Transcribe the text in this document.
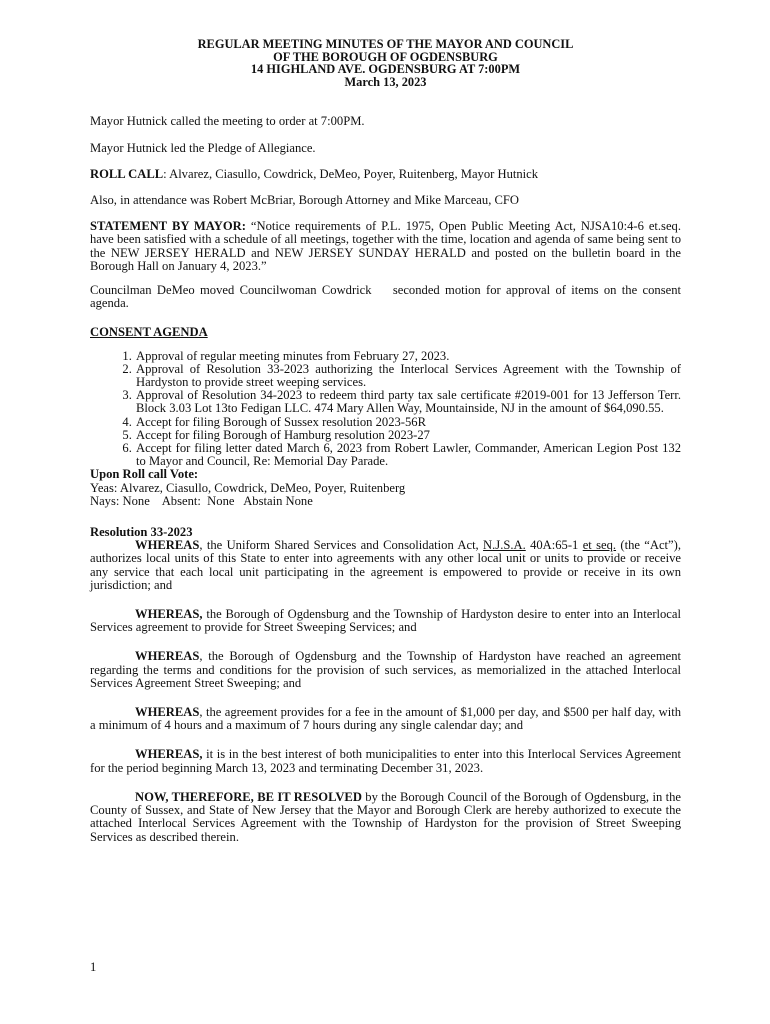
REGULAR MEETING MINUTES OF THE MAYOR AND COUNCIL
OF THE BOROUGH OF OGDENSBURG
14 HIGHLAND AVE. OGDENSBURG AT 7:00PM
March 13, 2023

Mayor Hutnick called the meeting to order at 7:00PM.

Mayor Hutnick led the Pledge of Allegiance.

ROLL CALL: Alvarez, Ciasullo, Cowdrick, DeMeo, Poyer, Ruitenberg, Mayor Hutnick

Also, in attendance was Robert McBriar, Borough Attorney and Mike Marceau, CFO

STATEMENT BY MAYOR: “Notice requirements of P.L. 1975, Open Public Meeting Act, NJSA10:4-6 et.seq. have been satisfied with a schedule of all meetings, together with the time, location and agenda of same being sent to the NEW JERSEY HERALD and NEW JERSEY SUNDAY HERALD and posted on the bulletin board in the Borough Hall on January 4, 2023.”

Councilman DeMeo moved Councilwoman Cowdrick    seconded motion for approval of items on the consent agenda.

CONSENT AGENDA
1. Approval of regular meeting minutes from February 27, 2023.
2. Approval of Resolution 33-2023 authorizing the Interlocal Services Agreement with the Township of Hardyston to provide street weeping services.
3. Approval of Resolution 34-2023 to redeem third party tax sale certificate #2019-001 for 13 Jefferson Terr. Block 3.03 Lot 13to Fedigan LLC. 474 Mary Allen Way, Mountainside, NJ in the amount of $64,090.55.
4. Accept for filing Borough of Sussex resolution 2023-56R
5. Accept for filing Borough of Hamburg resolution 2023-27
6. Accept for filing letter dated March 6, 2023 from Robert Lawler, Commander, American Legion Post 132 to Mayor and Council, Re: Memorial Day Parade.

Upon Roll call Vote:

Yeas: Alvarez, Ciasullo, Cowdrick, DeMeo, Poyer, Ruitenberg

Nays: None    Absent:  None   Abstain None

Resolution 33-2023

WHEREAS, the Uniform Shared Services and Consolidation Act, N.J.S.A. 40A:65-1 et seq. (the “Act”), authorizes local units of this State to enter into agreements with any other local unit or units to provide or receive any service that each local unit participating in the agreement is empowered to provide or receive in its own jurisdiction; and

WHEREAS, the Borough of Ogdensburg and the Township of Hardyston desire to enter into an Interlocal Services agreement to provide for Street Sweeping Services; and

WHEREAS, the Borough of Ogdensburg and the Township of Hardyston have reached an agreement regarding the terms and conditions for the provision of such services, as memorialized in the attached Interlocal Services Agreement Street Sweeping; and

WHEREAS, the agreement provides for a fee in the amount of $1,000 per day, and $500 per half day, with a minimum of 4 hours and a maximum of 7 hours during any single calendar day; and

WHEREAS, it is in the best interest of both municipalities to enter into this Interlocal Services Agreement for the period beginning March 13, 2023 and terminating December 31, 2023.

NOW, THEREFORE, BE IT RESOLVED by the Borough Council of the Borough of Ogdensburg, in the County of Sussex, and State of New Jersey that the Mayor and Borough Clerk are hereby authorized to execute the attached Interlocal Services Agreement with the Township of Hardyston for the provision of Street Sweeping Services as described therein.

1
